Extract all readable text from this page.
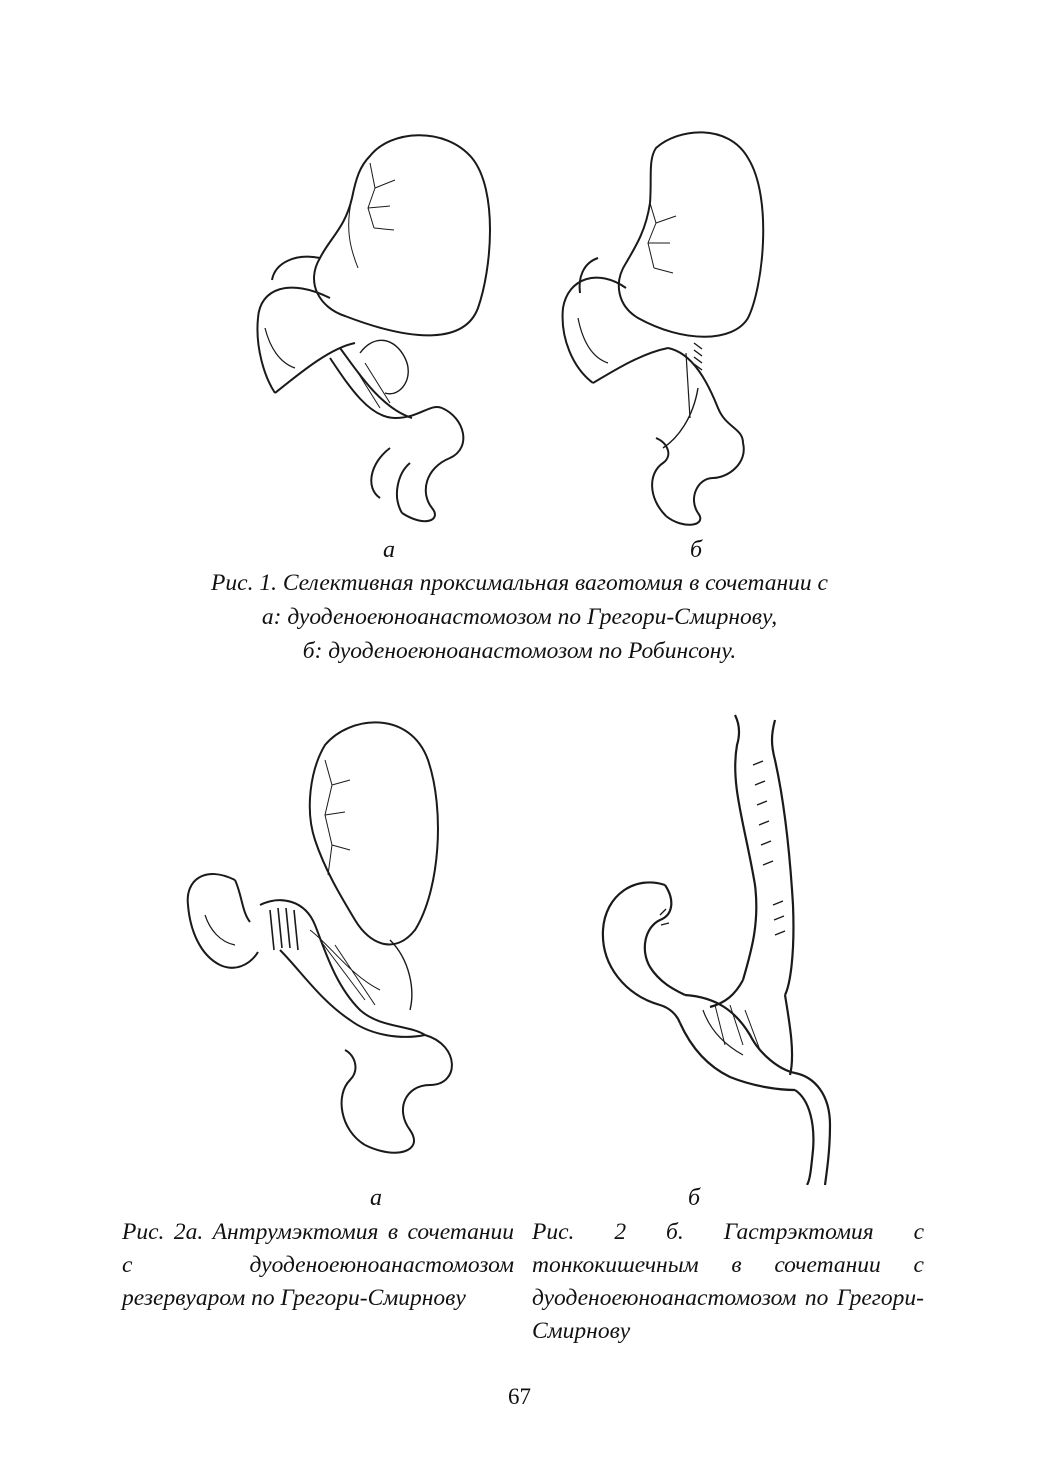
а	б
Рис. 1. Селективная проксимальная ваготомия в сочетании с
а: дуоденоеюноанастомозом по Грегори-Смирнову,
б: дуоденоеюноанастомозом по Робинсону.
а	б
Рис. 2а. Антрумэктомия в сочетании с дуоденоеюноанастомозом резервуаром по Грегори-Смирнову
Рис. 2 б. Гастрэктомия с тонкокишечным в сочетании с дуоденоеюноанастомозом по Грегори-Смирнову
67
